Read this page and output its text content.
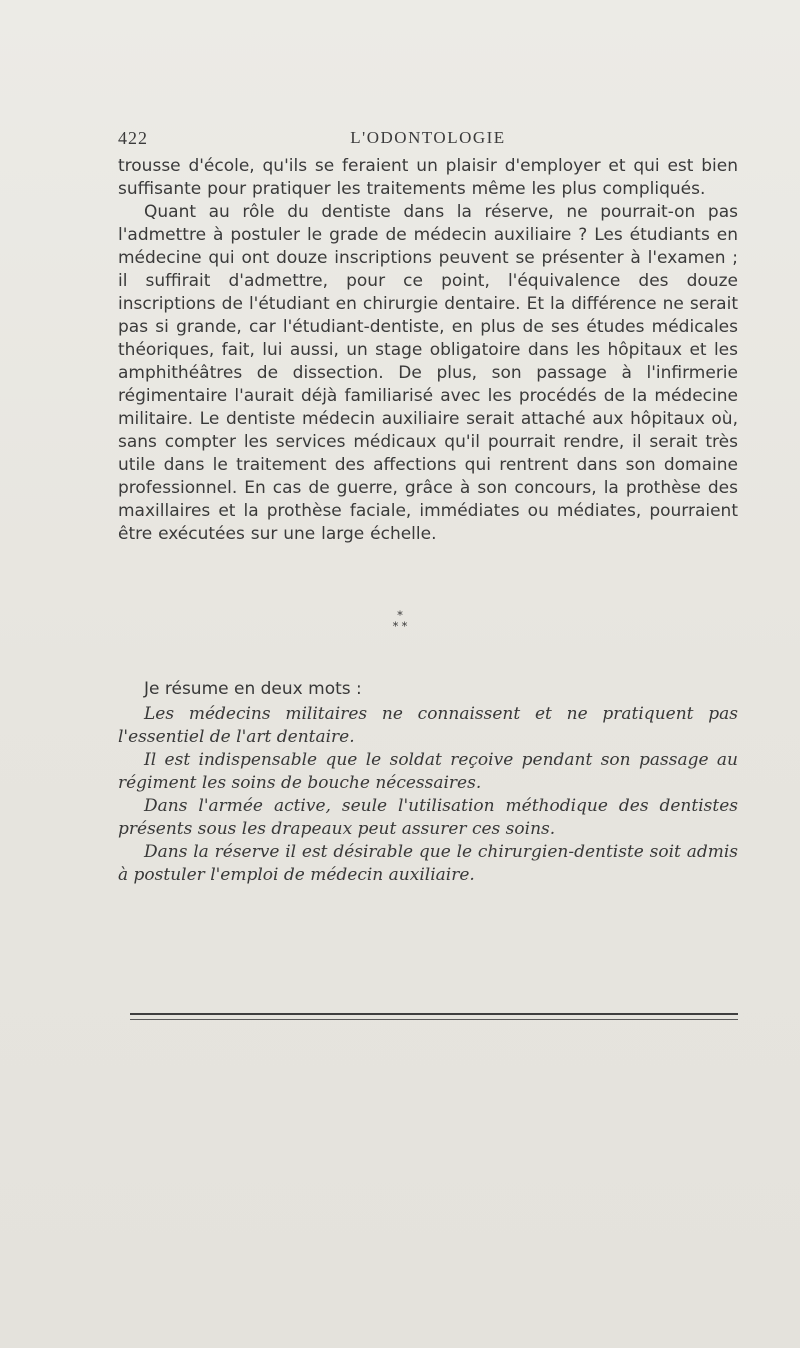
422	L'ODONTOLOGIE

trousse d'école, qu'ils se feraient un plaisir d'employer et qui est bien suffisante pour pratiquer les traitements même les plus compliqués.

Quant au rôle du dentiste dans la réserve, ne pourrait-on pas l'admettre à postuler le grade de médecin auxiliaire ? Les étudiants en médecine qui ont douze inscriptions peuvent se présenter à l'examen ; il suffirait d'admettre, pour ce point, l'équivalence des douze inscriptions de l'étudiant en chirurgie dentaire. Et la différence ne serait pas si grande, car l'étudiant-dentiste, en plus de ses études médicales théoriques, fait, lui aussi, un stage obligatoire dans les hôpitaux et les amphithéâtres de dissection. De plus, son passage à l'infirmerie régimentaire l'aurait déjà familiarisé avec les procédés de la médecine militaire. Le dentiste médecin auxiliaire serait attaché aux hôpitaux où, sans compter les services médicaux qu'il pourrait rendre, il serait très utile dans le traitement des affections qui rentrent dans son domaine professionnel. En cas de guerre, grâce à son concours, la prothèse des maxillaires et la prothèse faciale, immédiates ou médiates, pourraient être exécutées sur une large échelle.

*
* *

Je résume en deux mots :

Les médecins militaires ne connaissent et ne pratiquent pas l'essentiel de l'art dentaire.

Il est indispensable que le soldat reçoive pendant son passage au régiment les soins de bouche nécessaires.

Dans l'armée active, seule l'utilisation méthodique des dentistes présents sous les drapeaux peut assurer ces soins.

Dans la réserve il est désirable que le chirurgien-dentiste soit admis à postuler l'emploi de médecin auxiliaire.
